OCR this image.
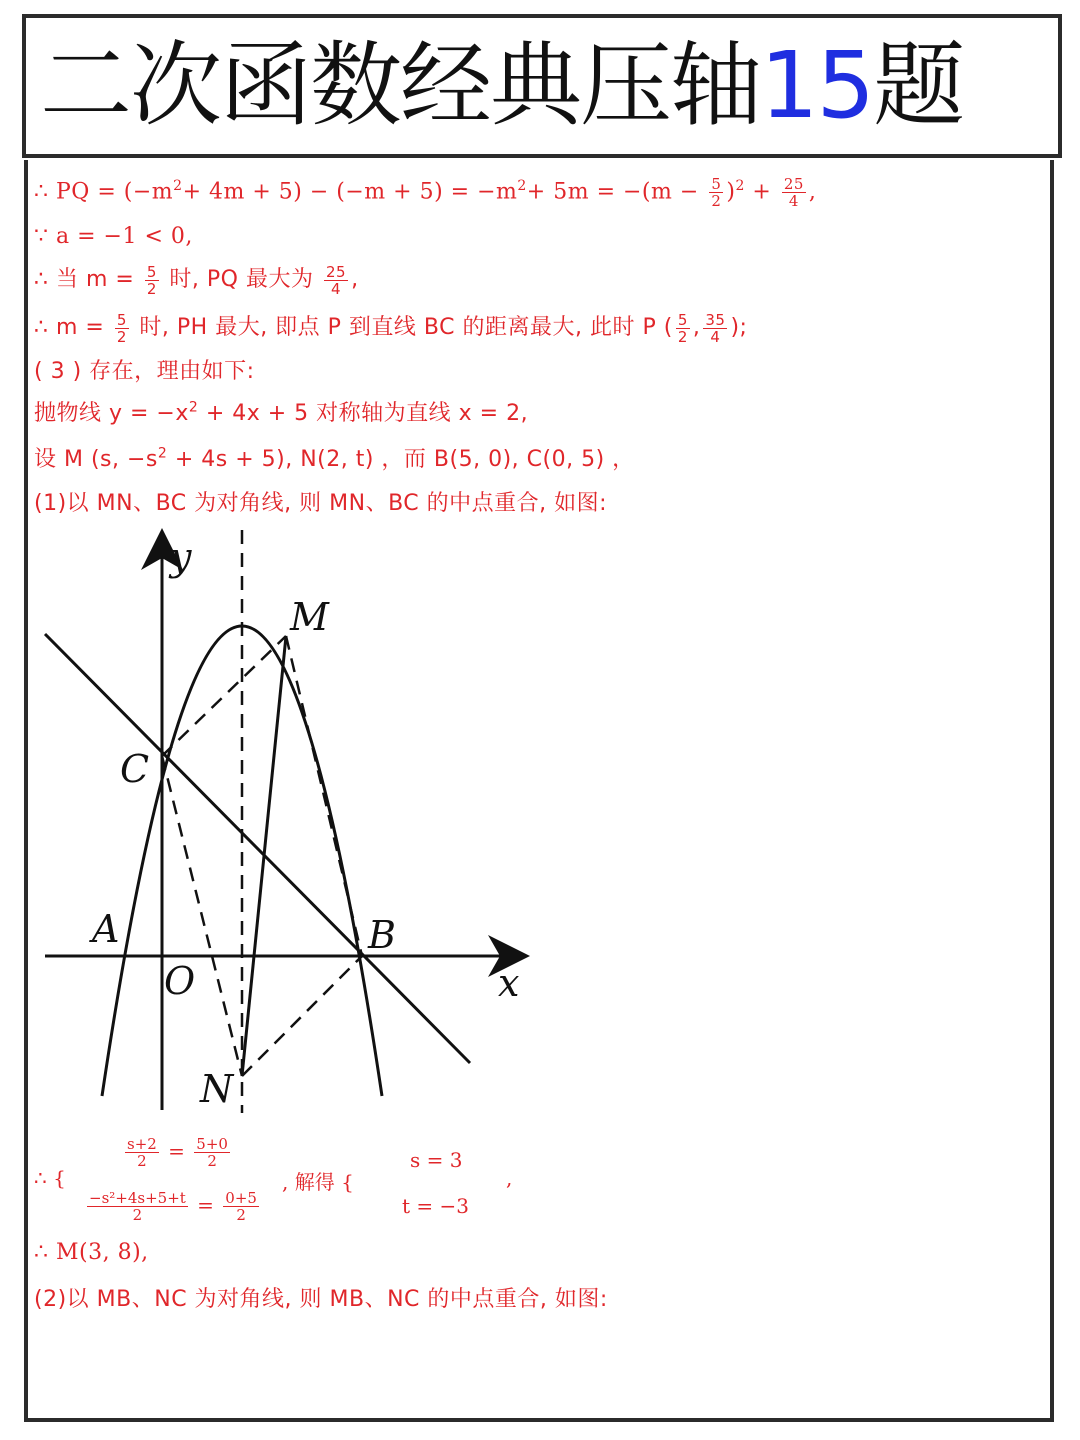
二次函数经典压轴15题
∴ PQ = $(-m^2+ 4m + 5) - (-m + 5) = -m^2+ 5m = -(m - \frac{5}{2} )^2 + \frac{25}{4}$ ,
∵ a = −1 < 0,
∴ 当 $m = \frac{5}{2}$ 时, PQ 最大为 $\frac{25}{4}$ ,
∴ $m = \frac{5}{2}$ 时, PH 最大, 即点 P 到直线 BC 的距离最大, 此时 P ( $\frac{5}{2}$ , $\frac{35}{4}$ );
( 3 ) 存在，理由如下:
抛物线 $y = -x^2 + 4x + 5$ 对称轴为直线 x = 2,
设 M (s, $-s^2 + 4s + 5$), N(2, t) ，而 B(5, 0), C(0, 5) ，
(1)以 MN、BC 为对角线, 则 MN、BC 的中点重合, 如图:
y
x
M
C
A
O
B
N
∴ {
$\frac{s+2}{2} = \frac{5+0}{2}$
$\frac{\text{−s²+4s+5+t}}{2} = \frac{0+5}{2}$
, 解得 {
s = 3
t = −3
,
∴ M(3, 8),
(2)以 MB、NC 为对角线, 则 MB、NC 的中点重合, 如图:
